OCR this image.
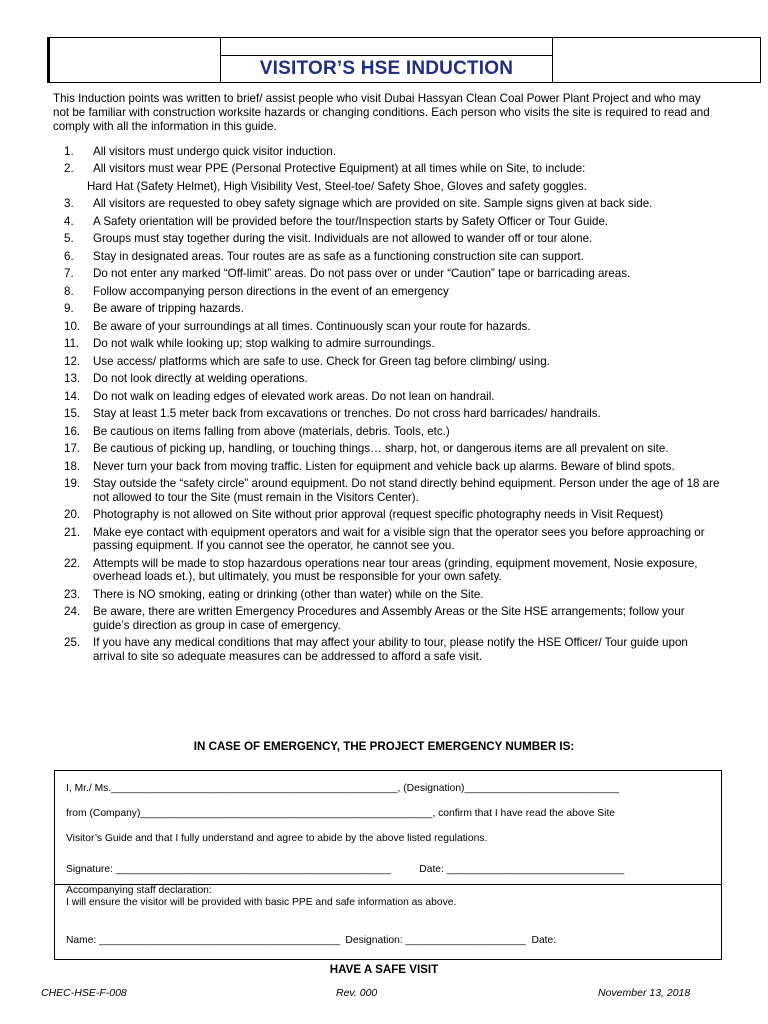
VISITOR’S HSE INDUCTION
This Induction points was written to brief/ assist people who visit Dubai Hassyan Clean Coal Power Plant Project and who may not be familiar with construction worksite hazards or changing conditions. Each person who visits the site is required to read and comply with all the information in this guide.
1. All visitors must undergo quick visitor induction.
2. All visitors must wear PPE (Personal Protective Equipment) at all times while on Site, to include:
Hard Hat (Safety Helmet), High Visibility Vest, Steel-toe/ Safety Shoe, Gloves and safety goggles.
3. All visitors are requested to obey safety signage which are provided on site. Sample signs given at back side.
4. A Safety orientation will be provided before the tour/Inspection starts by Safety Officer or Tour Guide.
5. Groups must stay together during the visit. Individuals are not allowed to wander off or tour alone.
6. Stay in designated areas. Tour routes are as safe as a functioning construction site can support.
7. Do not enter any marked “Off-limit” areas. Do not pass over or under “Caution” tape or barricading areas.
8. Follow accompanying person directions in the event of an emergency
9. Be aware of tripping hazards.
10. Be aware of your surroundings at all times. Continuously scan your route for hazards.
11. Do not walk while looking up; stop walking to admire surroundings.
12. Use access/ platforms which are safe to use. Check for Green tag before climbing/ using.
13. Do not look directly at welding operations.
14. Do not walk on leading edges of elevated work areas. Do not lean on handrail.
15. Stay at least 1.5 meter back from excavations or trenches. Do not cross hard barricades/ handrails.
16. Be cautious on items falling from above (materials, debris. Tools, etc.)
17. Be cautious of picking up, handling, or touching things… sharp, hot, or dangerous items are all prevalent on site.
18. Never turn your back from moving traffic. Listen for equipment and vehicle back up alarms. Beware of blind spots.
19. Stay outside the “safety circle” around equipment. Do not stand directly behind equipment. Person under the age of 18 are not allowed to tour the Site (must remain in the Visitors Center).
20. Photography is not allowed on Site without prior approval (request specific photography needs in Visit Request)
21. Make eye contact with equipment operators and wait for a visible sign that the operator sees you before approaching or passing equipment. If you cannot see the operator, he cannot see you.
22. Attempts will be made to stop hazardous operations near tour areas (grinding, equipment movement, Nosie exposure, overhead loads et.), but ultimately, you must be responsible for your own safety.
23. There is NO smoking, eating or drinking (other than water) while on the Site.
24. Be aware, there are written Emergency Procedures and Assembly Areas or the Site HSE arrangements; follow your guide’s direction as group in case of emergency.
25. If you have any medical conditions that may affect your ability to tour, please notify the HSE Officer/ Tour guide upon arrival to site so adequate measures can be addressed to afford a safe visit.
IN CASE OF EMERGENCY, THE PROJECT EMERGENCY NUMBER IS:
I, Mr./ Ms.__________________________________________________, (Designation)___________________________
from (Company)___________________________________________________, confirm that I have read the above Site
Visitor’s Guide and that I fully understand and agree to abide by the above listed regulations.
Signature: ________________________________________________          Date: _______________________________
Accompanying staff declaration:
I will ensure the visitor will be provided with basic PPE and safe information as above.
Name: __________________________________________  Designation: _____________________  Date:
HAVE A SAFE VISIT
CHEC-HSE-F-008	Rev. 000	November 13, 2018
